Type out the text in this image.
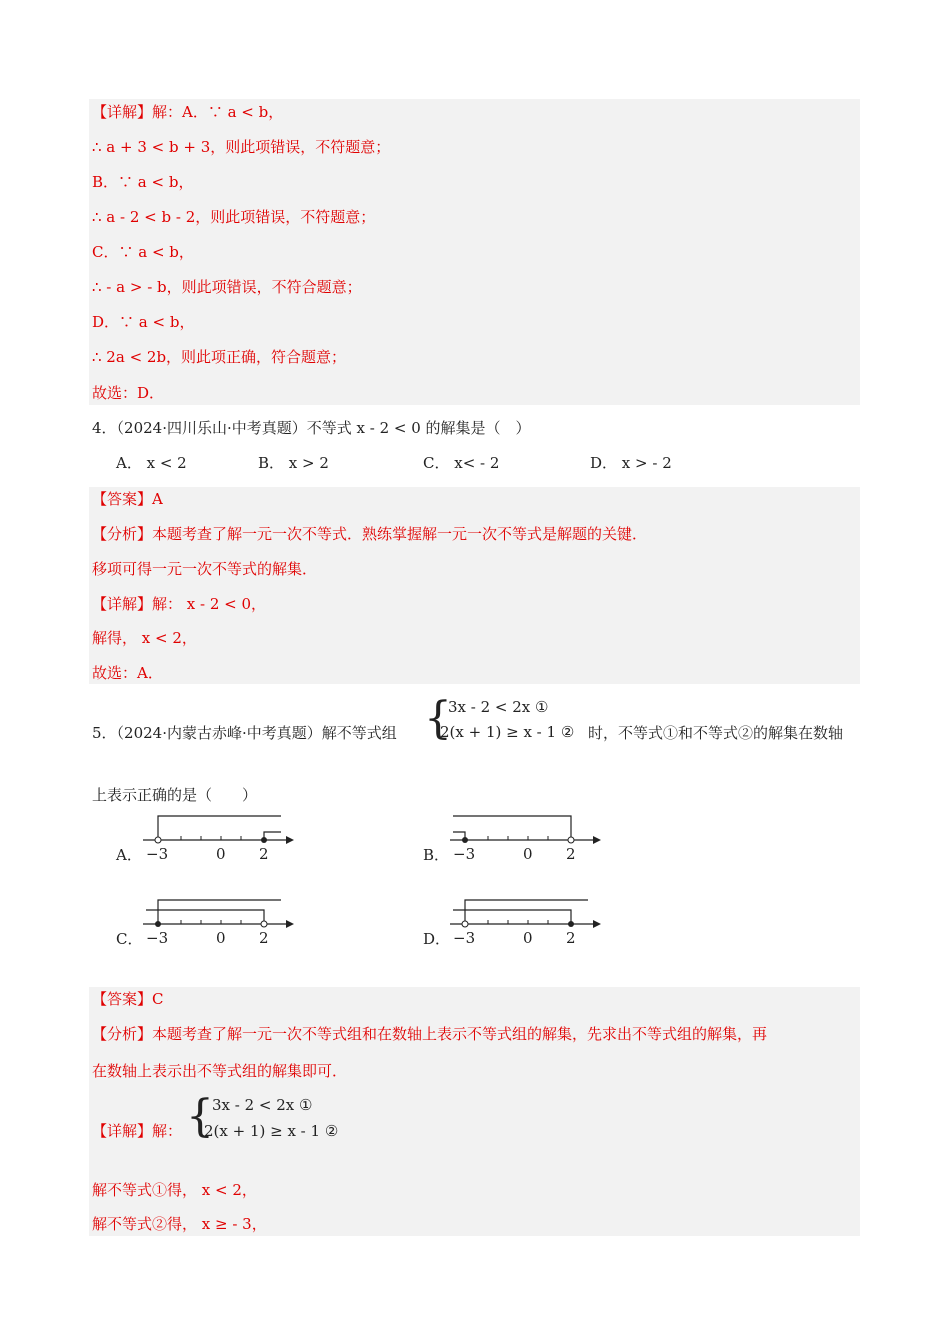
【详解】解：A．∵ a < b，
∴ a + 3 < b + 3，则此项错误，不符题意；
B．∵ a < b，
∴ a - 2 < b - 2，则此项错误，不符题意；
C．∵ a < b，
∴ - a > - b，则此项错误，不符合题意；
D．∵ a < b，
∴ 2a < 2b，则此项正确，符合题意；
故选：D．
4．（2024·四川乐山·中考真题）不等式 x - 2 < 0 的解集是（　）
A． x < 2	B． x > 2	C． x< - 2	D． x > - 2
【答案】A
【分析】本题考查了解一元一次不等式．熟练掌握解一元一次不等式是解题的关键．
移项可得一元一次不等式的解集．
【详解】解： x - 2 < 0，
解得， x < 2，
故选：A．
5．（2024·内蒙古赤峰·中考真题）解不等式组 {
3x - 2 < 2x ①
2(x + 1) ≥ x - 1 ② 时，不等式①和不等式②的解集在数轴
上表示正确的是（　　）
A． −3	0 2	B． −3	0 2
C． −3	0 2	D． −3	0 2
【答案】C
【分析】本题考查了解一元一次不等式组和在数轴上表示不等式组的解集，先求出不等式组的解集，再
在数轴上表示出不等式组的解集即可．
【详解】解： {
3x - 2 < 2x ①
2(x + 1) ≥ x - 1 ②
解不等式①得， x < 2，
解不等式②得， x ≥ - 3，
